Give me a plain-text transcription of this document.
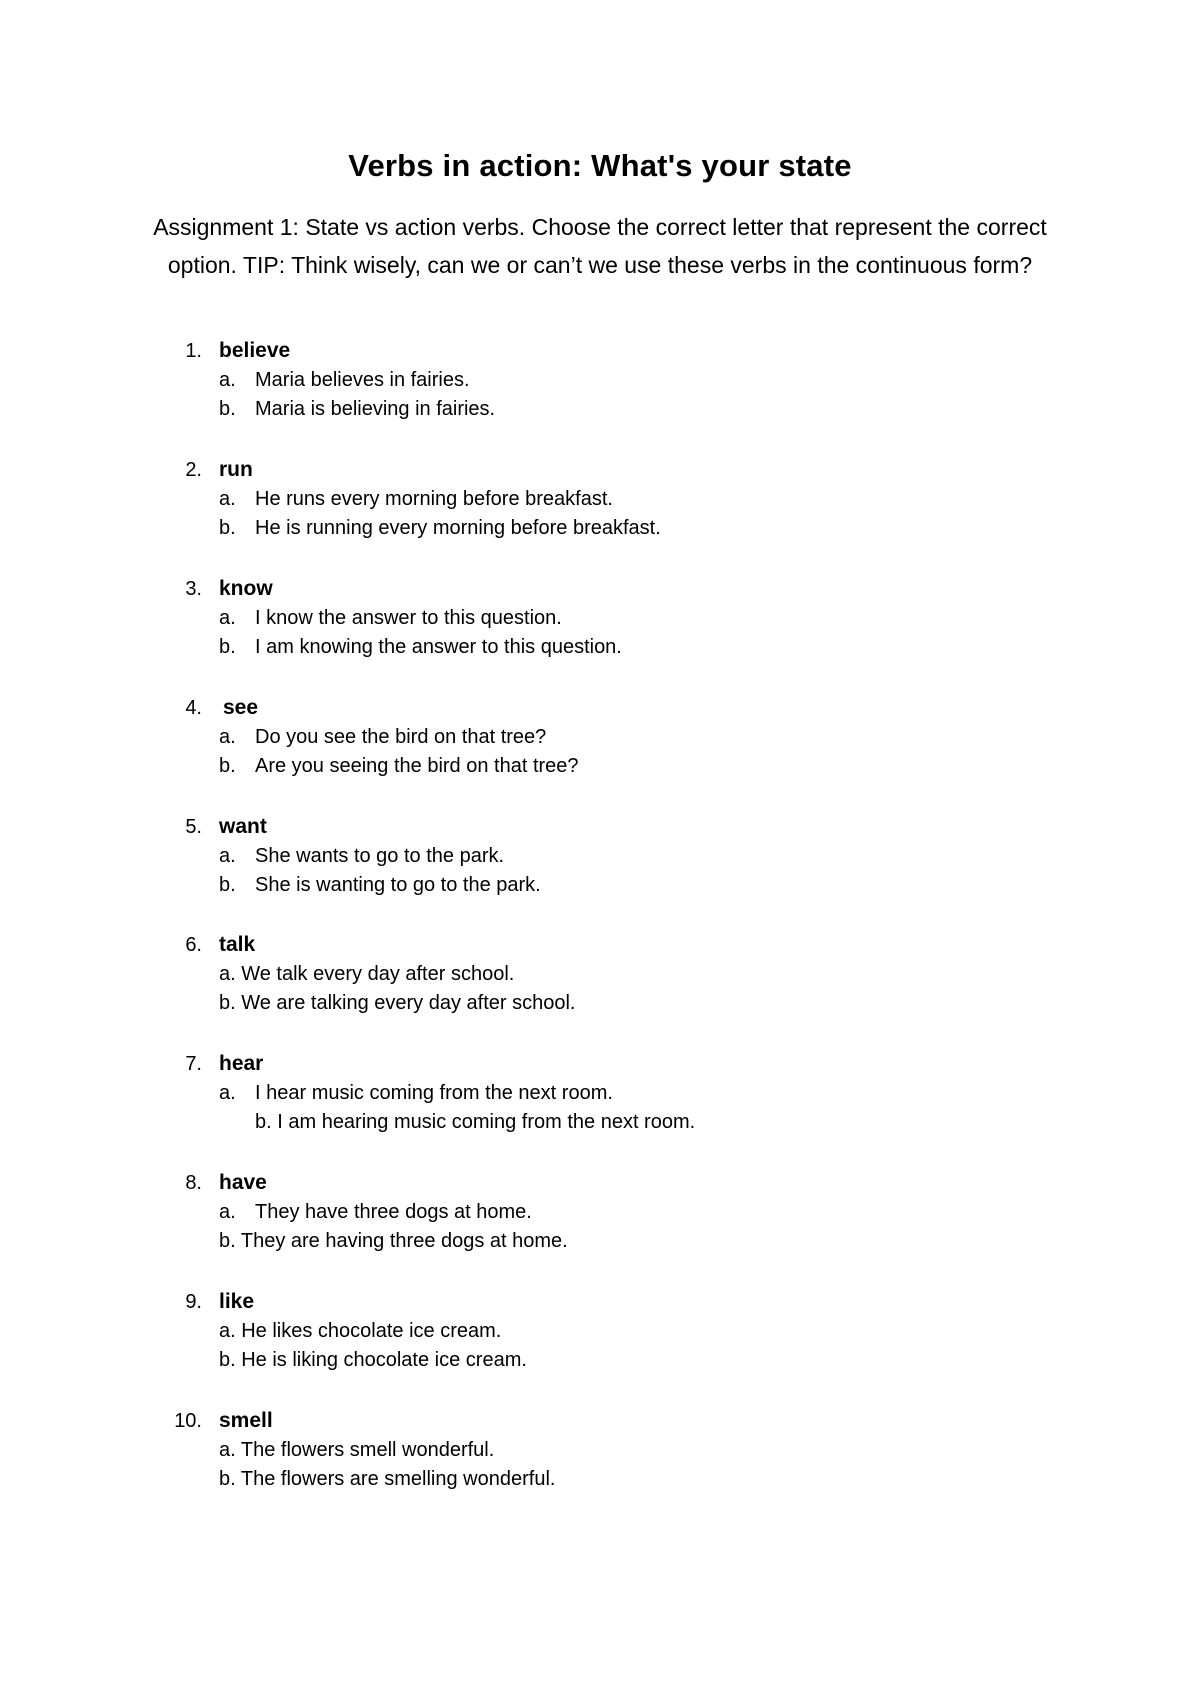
Verbs in action: What's your state
Assignment 1: State vs action verbs. Choose the correct letter that represent the correct option. TIP: Think wisely, can we or can’t we use these verbs in the continuous form?
1. believe
a. Maria believes in fairies.
b. Maria is believing in fairies.
2. run
a. He runs every morning before breakfast.
b. He is running every morning before breakfast.
3. know
a. I know the answer to this question.
b. I am knowing the answer to this question.
4. see
a. Do you see the bird on that tree?
b. Are you seeing the bird on that tree?
5. want
a. She wants to go to the park.
b. She is wanting to go to the park.
6. talk
a. We talk every day after school.
b. We are talking every day after school.
7. hear
a. I hear music coming from the next room.
b. I am hearing music coming from the next room.
8. have
a. They have three dogs at home.
b. They are having three dogs at home.
9. like
a. He likes chocolate ice cream.
b. He is liking chocolate ice cream.
10. smell
a. The flowers smell wonderful.
b. The flowers are smelling wonderful.
